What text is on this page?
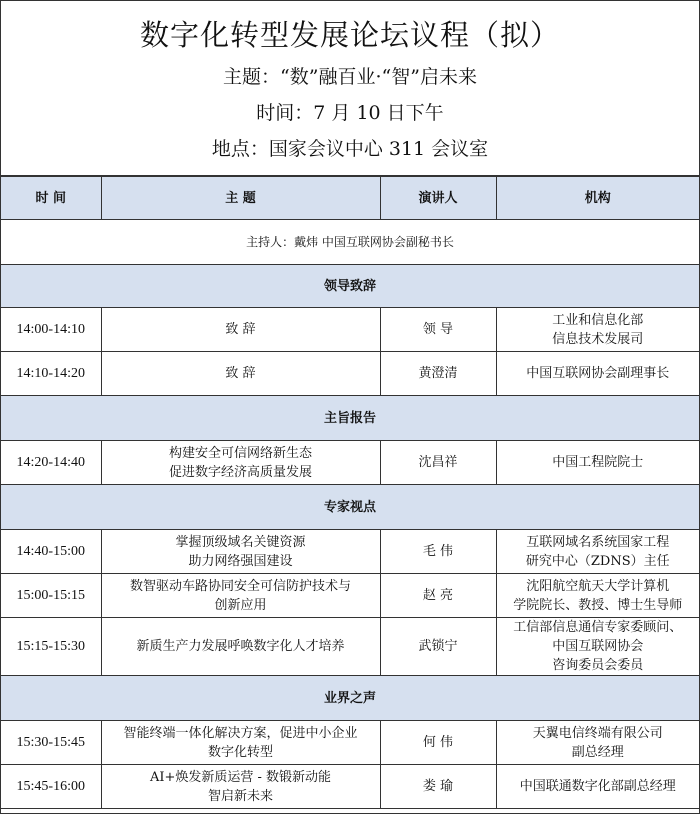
数字化转型发展论坛议程（拟）
主题：“数”融百业·“智”启未来
时间：7 月 10 日下午
地点：国家会议中心 311 会议室
时 间	主 题	演讲人	机构
主持人：戴炜 中国互联网协会副秘书长			
领导致辞			
14:00-14:10	致 辞	领 导	工业和信息化部
信息技术发展司

14:10-14:20	致 辞	黄澄清	中国互联网协会副理事长

主旨报告			
14:20-14:40	构建安全可信网络新生态
促进数字经济高质量发展	沈昌祥	中国工程院院士

专家视点			
14:40-15:00	掌握顶级域名关键资源
助力网络强国建设	毛 伟	互联网域名系统国家工程
研究中心（ZDNS）主任

15:00-15:15	数智驱动车路协同安全可信防护技术与
创新应用	赵 亮	沈阳航空航天大学计算机
学院院长、教授、博士生导师

15:15-15:30	新质生产力发展呼唤数字化人才培养	武锁宁	工信部信息通信专家委顾问、
中国互联网协会
咨询委员会委员

业界之声			
15:30-15:45	智能终端一体化解决方案，促进中小企业
数字化转型	何 伟	天翼电信终端有限公司
副总经理

15:45-16:00	AI+焕发新质运营 - 数锻新动能
智启新未来	娄 瑜	中国联通数字化部副总经理
